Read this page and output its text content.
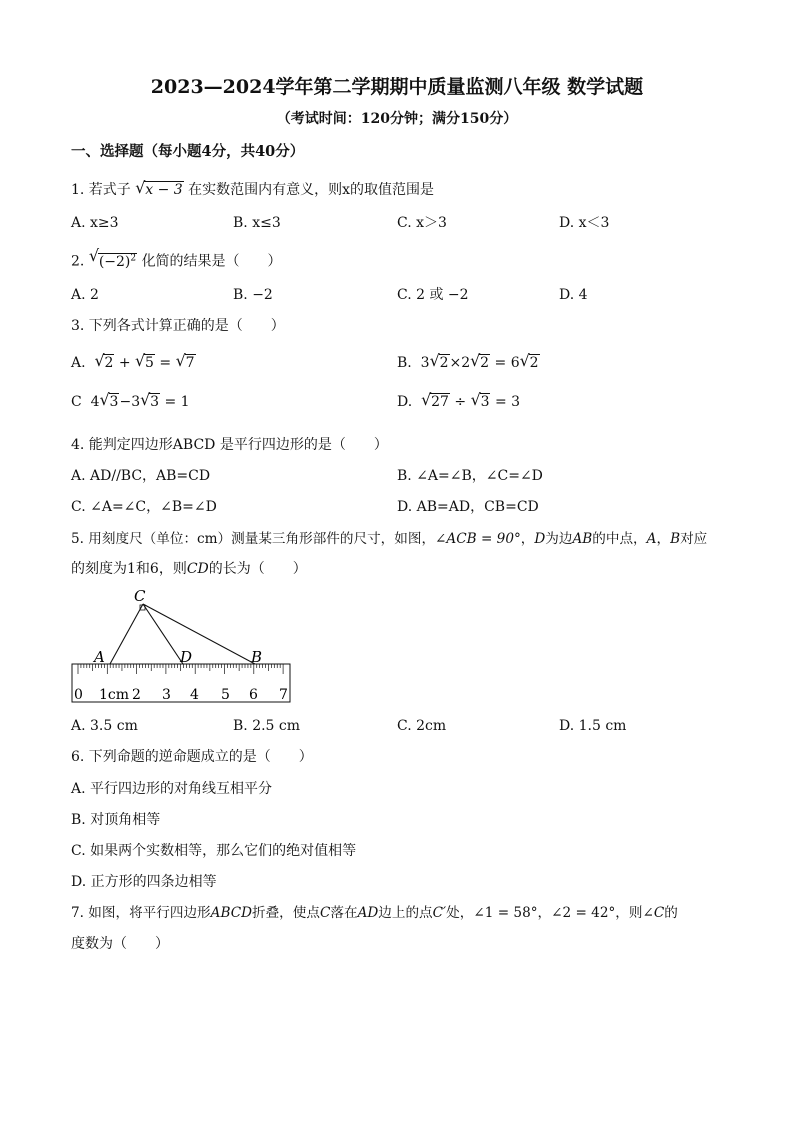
2023—2024学年第二学期期中质量监测八年级 数学试题
（考试时间：120分钟；满分150分）
一、选择题（每小题4分，共40分）
1. 若式子 √ x − 3 在实数范围内有意义，则x的取值范围是
A. x≥3	B. x≤3	C. x＞3	D. x＜3
2. √ $(-2)^2$ 化简的结果是（　　）
A. 2	B. −2	C. 2 或 −2	D. 4
3. 下列各式计算正确的是（　　）
A. √ 2 + √ 5 = √ 7	B. 3 √ 2×2 √ 2 = 6 √ 2
C 4 √ 3−3 √ 3 = 1	D. √ 27 ÷ √ 3 = 3
4. 能判定四边形ABCD 是平行四边形的是（　　）
A. AD//BC，AB=CD	B. ∠A=∠B，∠C=∠D
C. ∠A=∠C，∠B=∠D	D. AB=AD，CB=CD
5. 用刻度尺（单位：cm）测量某三角形部件的尺寸，如图，∠ACB = 90°，D为边AB的中点，A，B对应
的刻度为1和6，则CD的长为（　　）
C
A	D	B
0 1cm 2 3 4 5 6 7
A. 3.5 cm	B. 2.5 cm	C. 2cm	D. 1.5 cm
6. 下列命题的逆命题成立的是（　　）
A. 平行四边形的对角线互相平分
B. 对顶角相等
C. 如果两个实数相等，那么它们的绝对值相等
D. 正方形的四条边相等
7. 如图，将平行四边形ABCD折叠，使点C落在AD边上的点C′处，∠1 = 58°，∠2 = 42°，则∠C的
度数为（　　）
